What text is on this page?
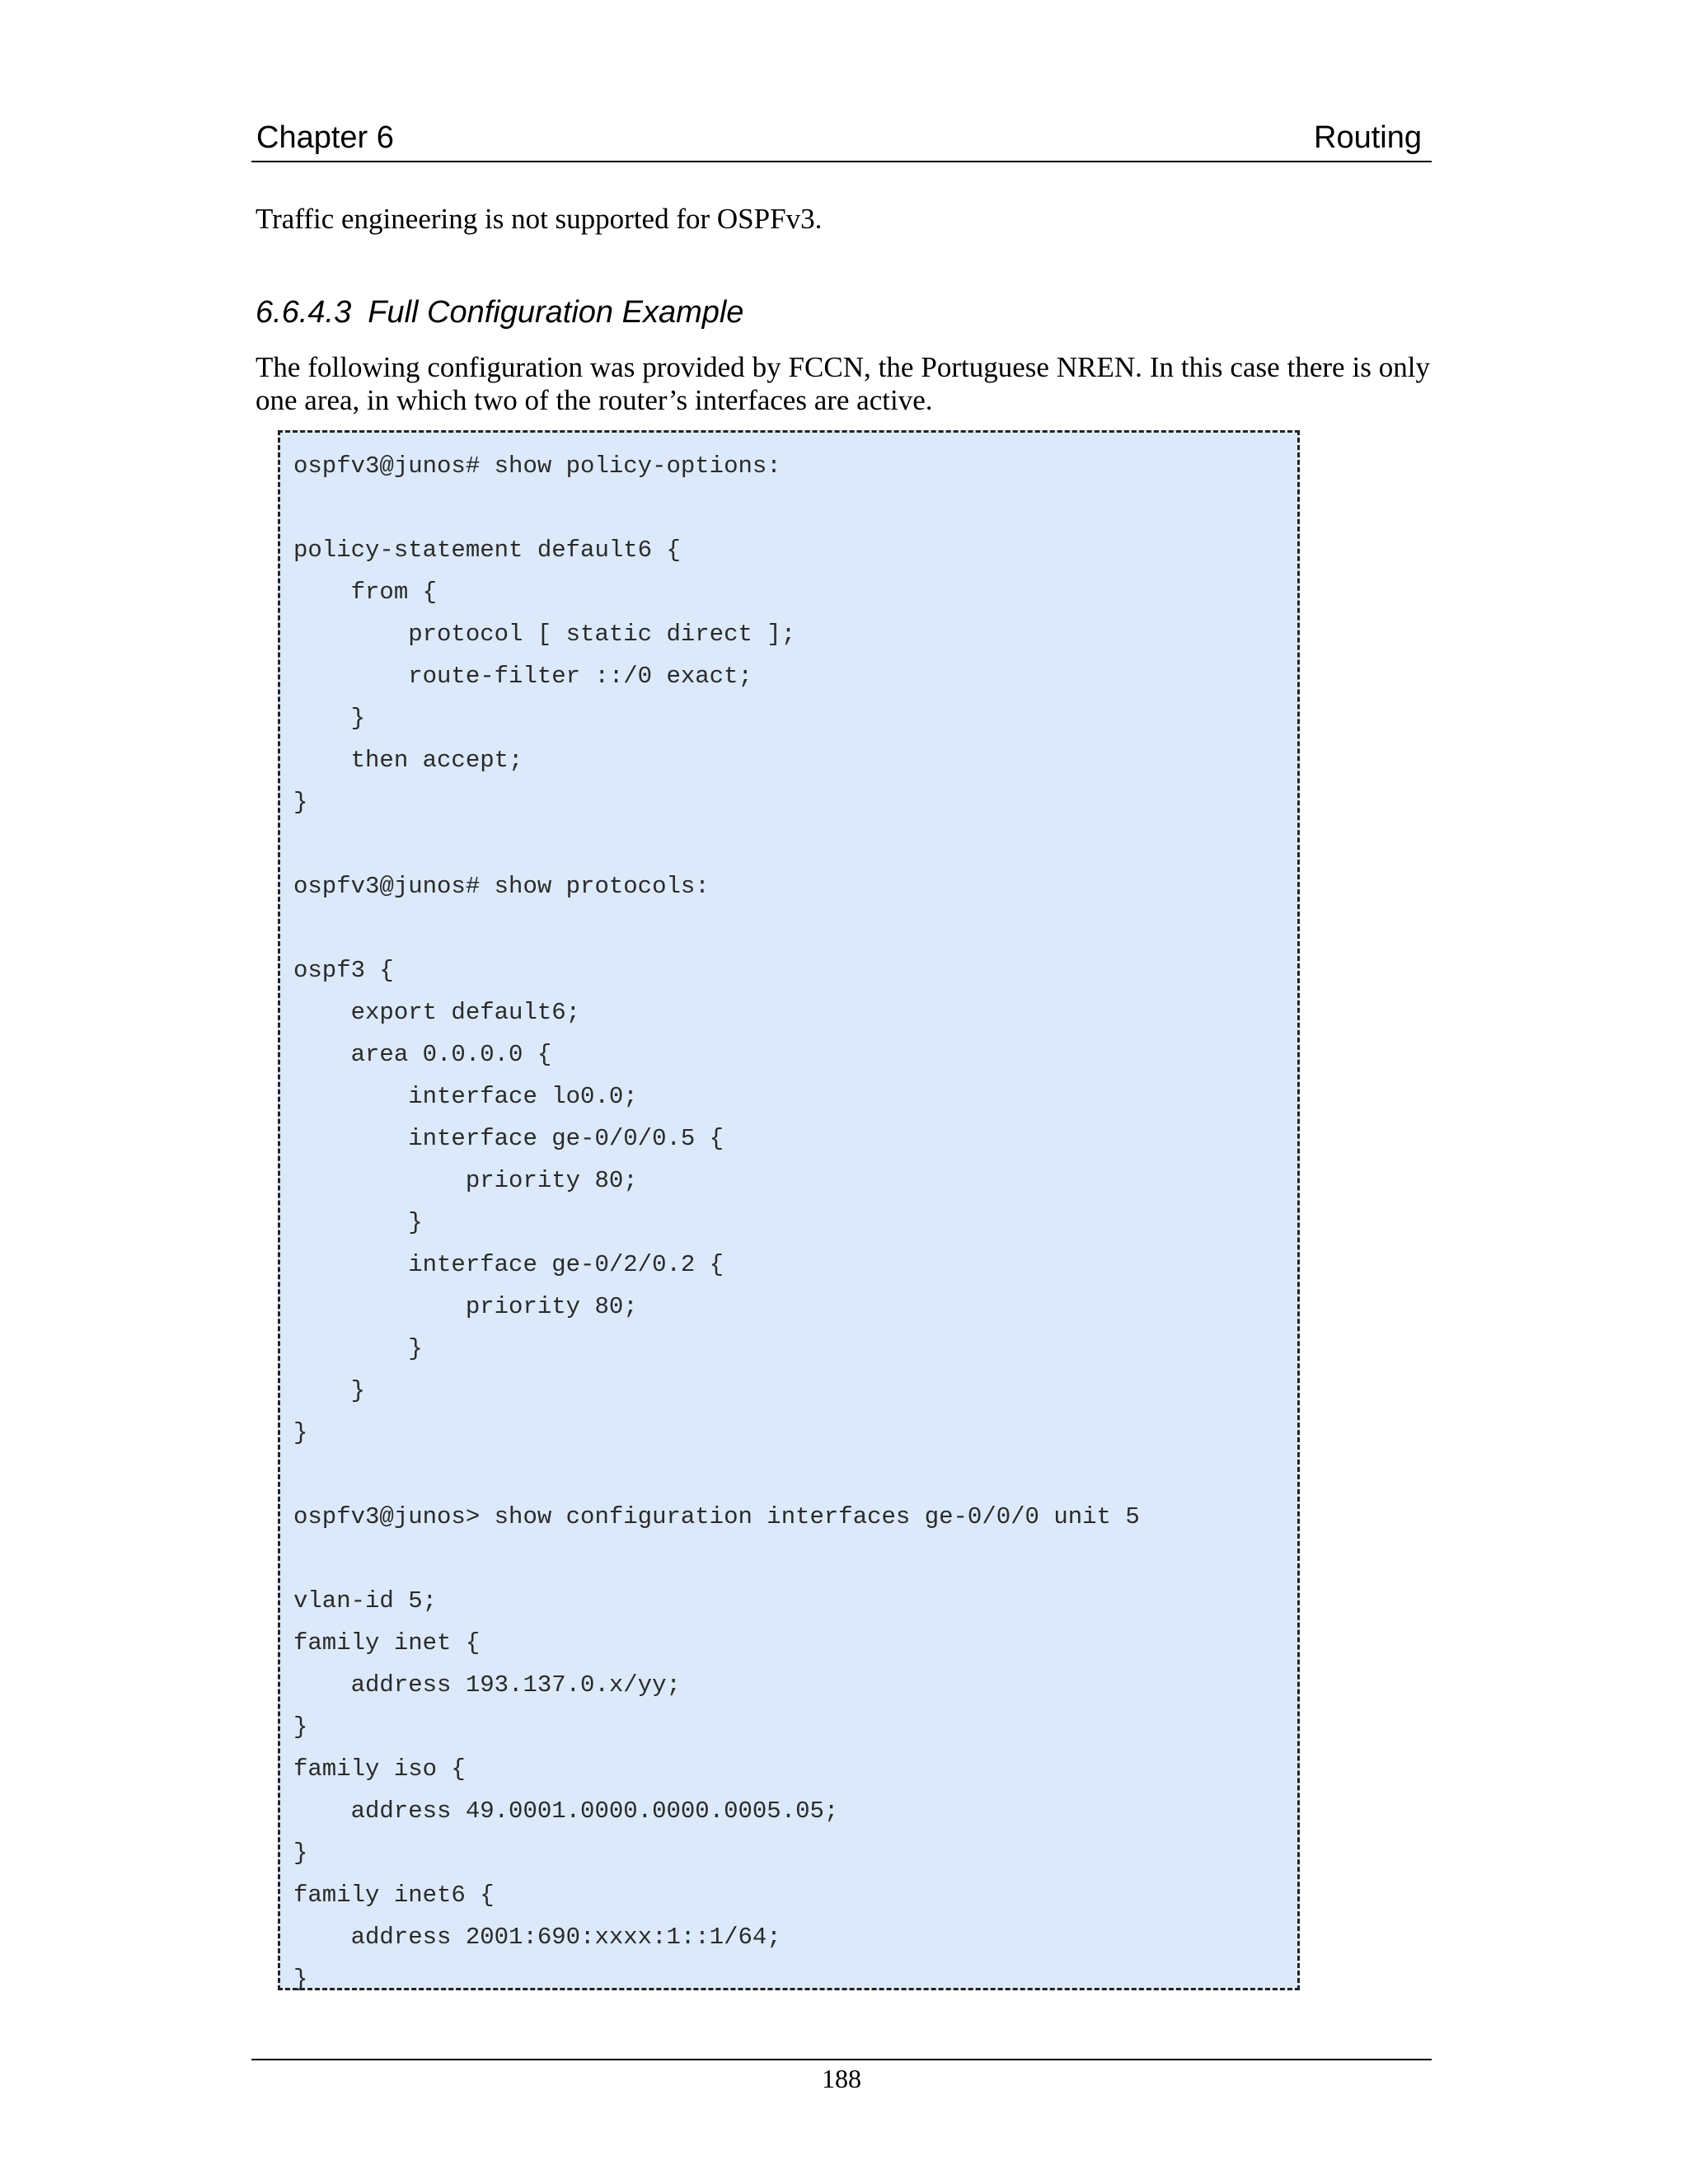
Chapter 6	Routing
Traffic engineering is not supported for OSPFv3.
6.6.4.3 Full Configuration Example
The following configuration was provided by FCCN, the Portuguese NREN. In this case there is only one area, in which two of the router’s interfaces are active.
ospfv3@junos# show policy-options:
policy-statement default6 {
from {
protocol [ static direct ];
route-filter ::/0 exact;
}
then accept;
}
ospfv3@junos# show protocols:
ospf3 {
export default6;
area 0.0.0.0 {
interface lo0.0;
interface ge-0/0/0.5 {
priority 80;
}
interface ge-0/2/0.2 {
priority 80;
}
}
}
ospfv3@junos> show configuration interfaces ge-0/0/0 unit 5
vlan-id 5;
family inet {
address 193.137.0.x/yy;
}
family iso {
address 49.0001.0000.0000.0005.05;
}
family inet6 {
address 2001:690:xxxx:1::1/64;
}
188
